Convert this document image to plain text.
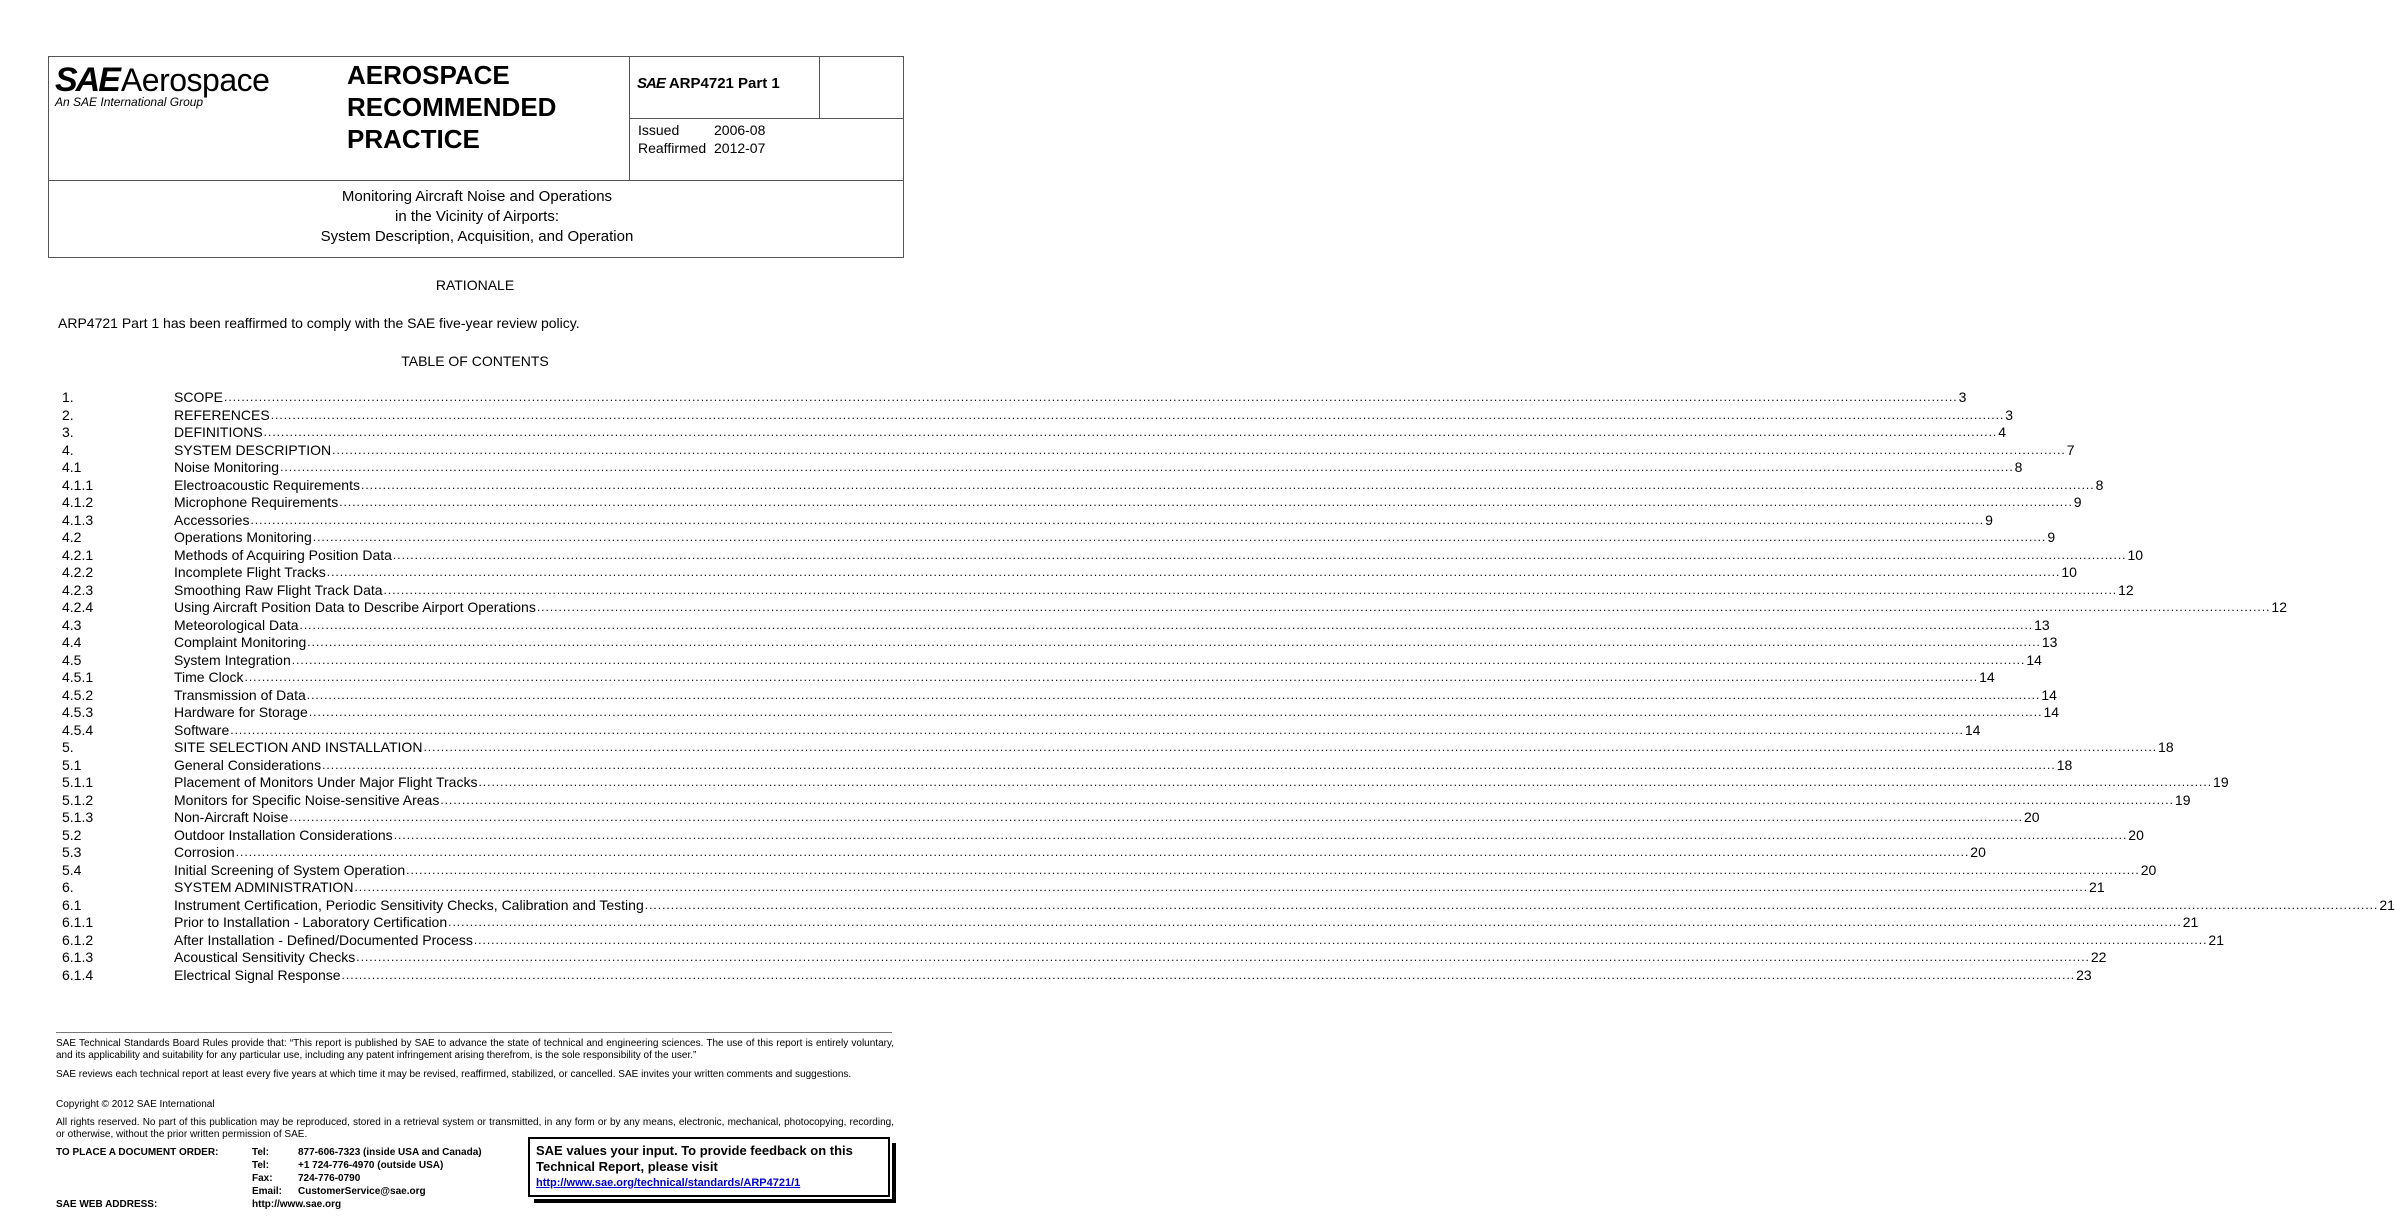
SAE Aerospace
An SAE International Group
AEROSPACE
RECOMMENDED
PRACTICE
SAE ARP4721 Part 1
Issued	2006-08
Reaffirmed 2012-07
Monitoring Aircraft Noise and Operations
in the Vicinity of Airports:
System Description, Acquisition, and Operation
RATIONALE
ARP4721 Part 1 has been reaffirmed to comply with the SAE five-year review policy.
TABLE OF CONTENTS
1.	SCOPE ................................................................................................................................................................................................................................................................................................................................................................................................................ 3
2.	REFERENCES ................................................................................................................................................................................................................................................................................................................................................................................................................ 3
3.	DEFINITIONS ................................................................................................................................................................................................................................................................................................................................................................................................................ 4
4.	SYSTEM DESCRIPTION ................................................................................................................................................................................................................................................................................................................................................................................................................ 7
4.1	Noise Monitoring ................................................................................................................................................................................................................................................................................................................................................................................................................ 8
4.1.1	Electroacoustic Requirements ................................................................................................................................................................................................................................................................................................................................................................................................................ 8
4.1.2	Microphone Requirements ................................................................................................................................................................................................................................................................................................................................................................................................................ 9
4.1.3	Accessories ................................................................................................................................................................................................................................................................................................................................................................................................................ 9
4.2	Operations Monitoring ................................................................................................................................................................................................................................................................................................................................................................................................................ 9
4.2.1	Methods of Acquiring Position Data ................................................................................................................................................................................................................................................................................................................................................................................................................ 10
4.2.2	Incomplete Flight Tracks ................................................................................................................................................................................................................................................................................................................................................................................................................ 10
4.2.3	Smoothing Raw Flight Track Data ................................................................................................................................................................................................................................................................................................................................................................................................................ 12
4.2.4	Using Aircraft Position Data to Describe Airport Operations ................................................................................................................................................................................................................................................................................................................................................................................................................ 12
4.3	Meteorological Data ................................................................................................................................................................................................................................................................................................................................................................................................................ 13
4.4	Complaint Monitoring ................................................................................................................................................................................................................................................................................................................................................................................................................ 13
4.5	System Integration ................................................................................................................................................................................................................................................................................................................................................................................................................ 14
4.5.1	Time Clock ................................................................................................................................................................................................................................................................................................................................................................................................................ 14
4.5.2	Transmission of Data ................................................................................................................................................................................................................................................................................................................................................................................................................ 14
4.5.3	Hardware for Storage ................................................................................................................................................................................................................................................................................................................................................................................................................ 14
4.5.4	Software ................................................................................................................................................................................................................................................................................................................................................................................................................ 14
5.	SITE SELECTION AND INSTALLATION ................................................................................................................................................................................................................................................................................................................................................................................................................ 18
5.1	General Considerations ................................................................................................................................................................................................................................................................................................................................................................................................................ 18
5.1.1	Placement of Monitors Under Major Flight Tracks ................................................................................................................................................................................................................................................................................................................................................................................................................ 19
5.1.2	Monitors for Specific Noise-sensitive Areas ................................................................................................................................................................................................................................................................................................................................................................................................................ 19
5.1.3	Non-Aircraft Noise ................................................................................................................................................................................................................................................................................................................................................................................................................ 20
5.2	Outdoor Installation Considerations ................................................................................................................................................................................................................................................................................................................................................................................................................ 20
5.3	Corrosion ................................................................................................................................................................................................................................................................................................................................................................................................................ 20
5.4	Initial Screening of System Operation ................................................................................................................................................................................................................................................................................................................................................................................................................ 20
6.	SYSTEM ADMINISTRATION ................................................................................................................................................................................................................................................................................................................................................................................................................ 21
6.1	Instrument Certification, Periodic Sensitivity Checks, Calibration and Testing ................................................................................................................................................................................................................................................................................................................................................................................................................ 21
6.1.1	Prior to Installation - Laboratory Certification ................................................................................................................................................................................................................................................................................................................................................................................................................ 21
6.1.2	After Installation - Defined/Documented Process ................................................................................................................................................................................................................................................................................................................................................................................................................ 21
6.1.3	Acoustical Sensitivity Checks ................................................................................................................................................................................................................................................................................................................................................................................................................ 22
6.1.4	Electrical Signal Response ................................................................................................................................................................................................................................................................................................................................................................................................................ 23
SAE Technical Standards Board Rules provide that: “This report is published by SAE to advance the state of technical and engineering sciences. The use of this report is entirely voluntary, and its applicability and suitability for any particular use, including any patent infringement arising therefrom, is the sole responsibility of the user.”
SAE reviews each technical report at least every five years at which time it may be revised, reaffirmed, stabilized, or cancelled. SAE invites your written comments and suggestions.
Copyright © 2012 SAE International
All rights reserved. No part of this publication may be reproduced, stored in a retrieval system or transmitted, in any form or by any means, electronic, mechanical, photocopying, recording, or otherwise, without the prior written permission of SAE.
TO PLACE A DOCUMENT ORDER:	Tel:	877-606-7323 (inside USA and Canada)
Tel:	+1 724-776-4970 (outside USA)
Fax:	724-776-0790
Email:	CustomerService@sae.org
SAE WEB ADDRESS:	http://www.sae.org
SAE values your input. To provide feedback on this Technical Report, please visit
http://www.sae.org/technical/standards/ARP4721/1
